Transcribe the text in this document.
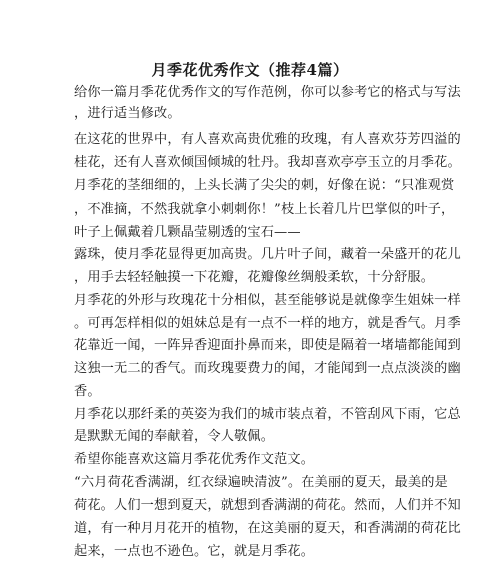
月季花优秀作文（推荐4篇）
给你一篇月季花优秀作文的写作范例，你可以参考它的格式与写法
，进行适当修改。
在这花的世界中，有人喜欢高贵优雅的玫瑰，有人喜欢芬芳四溢的
桂花，还有人喜欢倾国倾城的牡丹。我却喜欢亭亭玉立的月季花。
月季花的茎细细的，上头长满了尖尖的刺，好像在说：“只准观赏
，不准摘，不然我就拿小刺刺你！”枝上长着几片巴掌似的叶子，
叶子上佩戴着几颗晶莹剔透的宝石——
露珠，使月季花显得更加高贵。几片叶子间，藏着一朵盛开的花儿
，用手去轻轻触摸一下花瓣，花瓣像丝绸般柔软，十分舒服。
月季花的外形与玫瑰花十分相似，甚至能够说是就像孪生姐妹一样
。可再怎样相似的姐妹总是有一点不一样的地方，就是香气。月季
花靠近一闻，一阵异香迎面扑鼻而来，即使是隔着一堵墙都能闻到
这独一无二的香气。而玫瑰要费力的闻，才能闻到一点点淡淡的幽
香。
月季花以那纤柔的英姿为我们的城市装点着，不管刮风下雨，它总
是默默无闻的奉献着，令人敬佩。
希望你能喜欢这篇月季花优秀作文范文。
“六月荷花香满湖，红衣绿遍映清波”。在美丽的夏天，最美的是
荷花。人们一想到夏天，就想到香满湖的荷花。然而，人们并不知
道，有一种月月花开的植物，在这美丽的夏天，和香满湖的荷花比
起来，一点也不逊色。它，就是月季花。
